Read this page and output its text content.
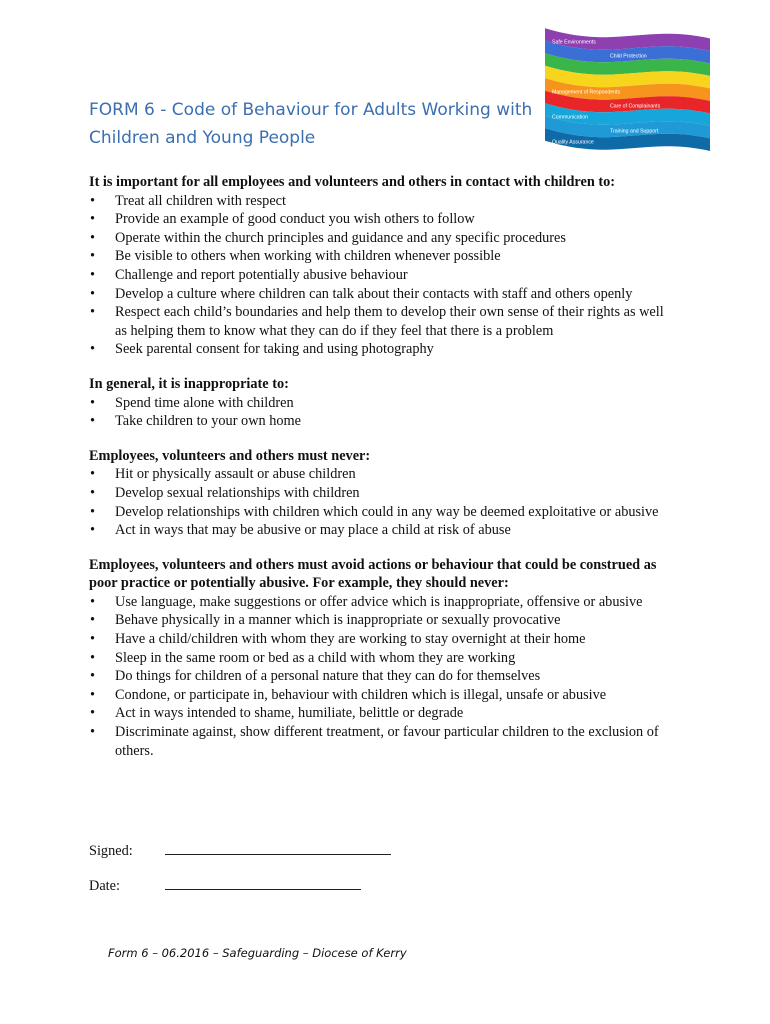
FORM 6 - Code of Behaviour for Adults Working with Children and Young People
Safe Environments
Child Protection
Management of Respondents
Care of Complainants
Communication
Training and Support
Quality Assurance

It is important for all employees and volunteers and others in contact with children to:

• Treat all children with respect
• Provide an example of good conduct you wish others to follow
• Operate within the church principles and guidance and any specific procedures
• Be visible to others when working with children whenever possible
• Challenge and report potentially abusive behaviour
• Develop a culture where children can talk about their contacts with staff and others openly
• Respect each child’s boundaries and help them to develop their own sense of their rights as well as helping them to know what they can do if they feel that there is a problem
• Seek parental consent for taking and using photography

In general, it is inappropriate to:

• Spend time alone with children
• Take children to your own home

Employees, volunteers and others must never:

• Hit or physically assault or abuse children
• Develop sexual relationships with children
• Develop relationships with children which could in any way be deemed exploitative or abusive
• Act in ways that may be abusive or may place a child at risk of abuse

Employees, volunteers and others must avoid actions or behaviour that could be construed as poor practice or potentially abusive. For example, they should never:

• Use language, make suggestions or offer advice which is inappropriate, offensive or abusive
• Behave physically in a manner which is inappropriate or sexually provocative
• Have a child/children with whom they are working to stay overnight at their home
• Sleep in the same room or bed as a child with whom they are working
• Do things for children of a personal nature that they can do for themselves
• Condone, or participate in, behaviour with children which is illegal, unsafe or abusive
• Act in ways intended to shame, humiliate, belittle or degrade
• Discriminate against, show different treatment, or favour particular children to the exclusion of others.
Signed:
Date:
Form 6 – 06.2016 – Safeguarding – Diocese of Kerry
